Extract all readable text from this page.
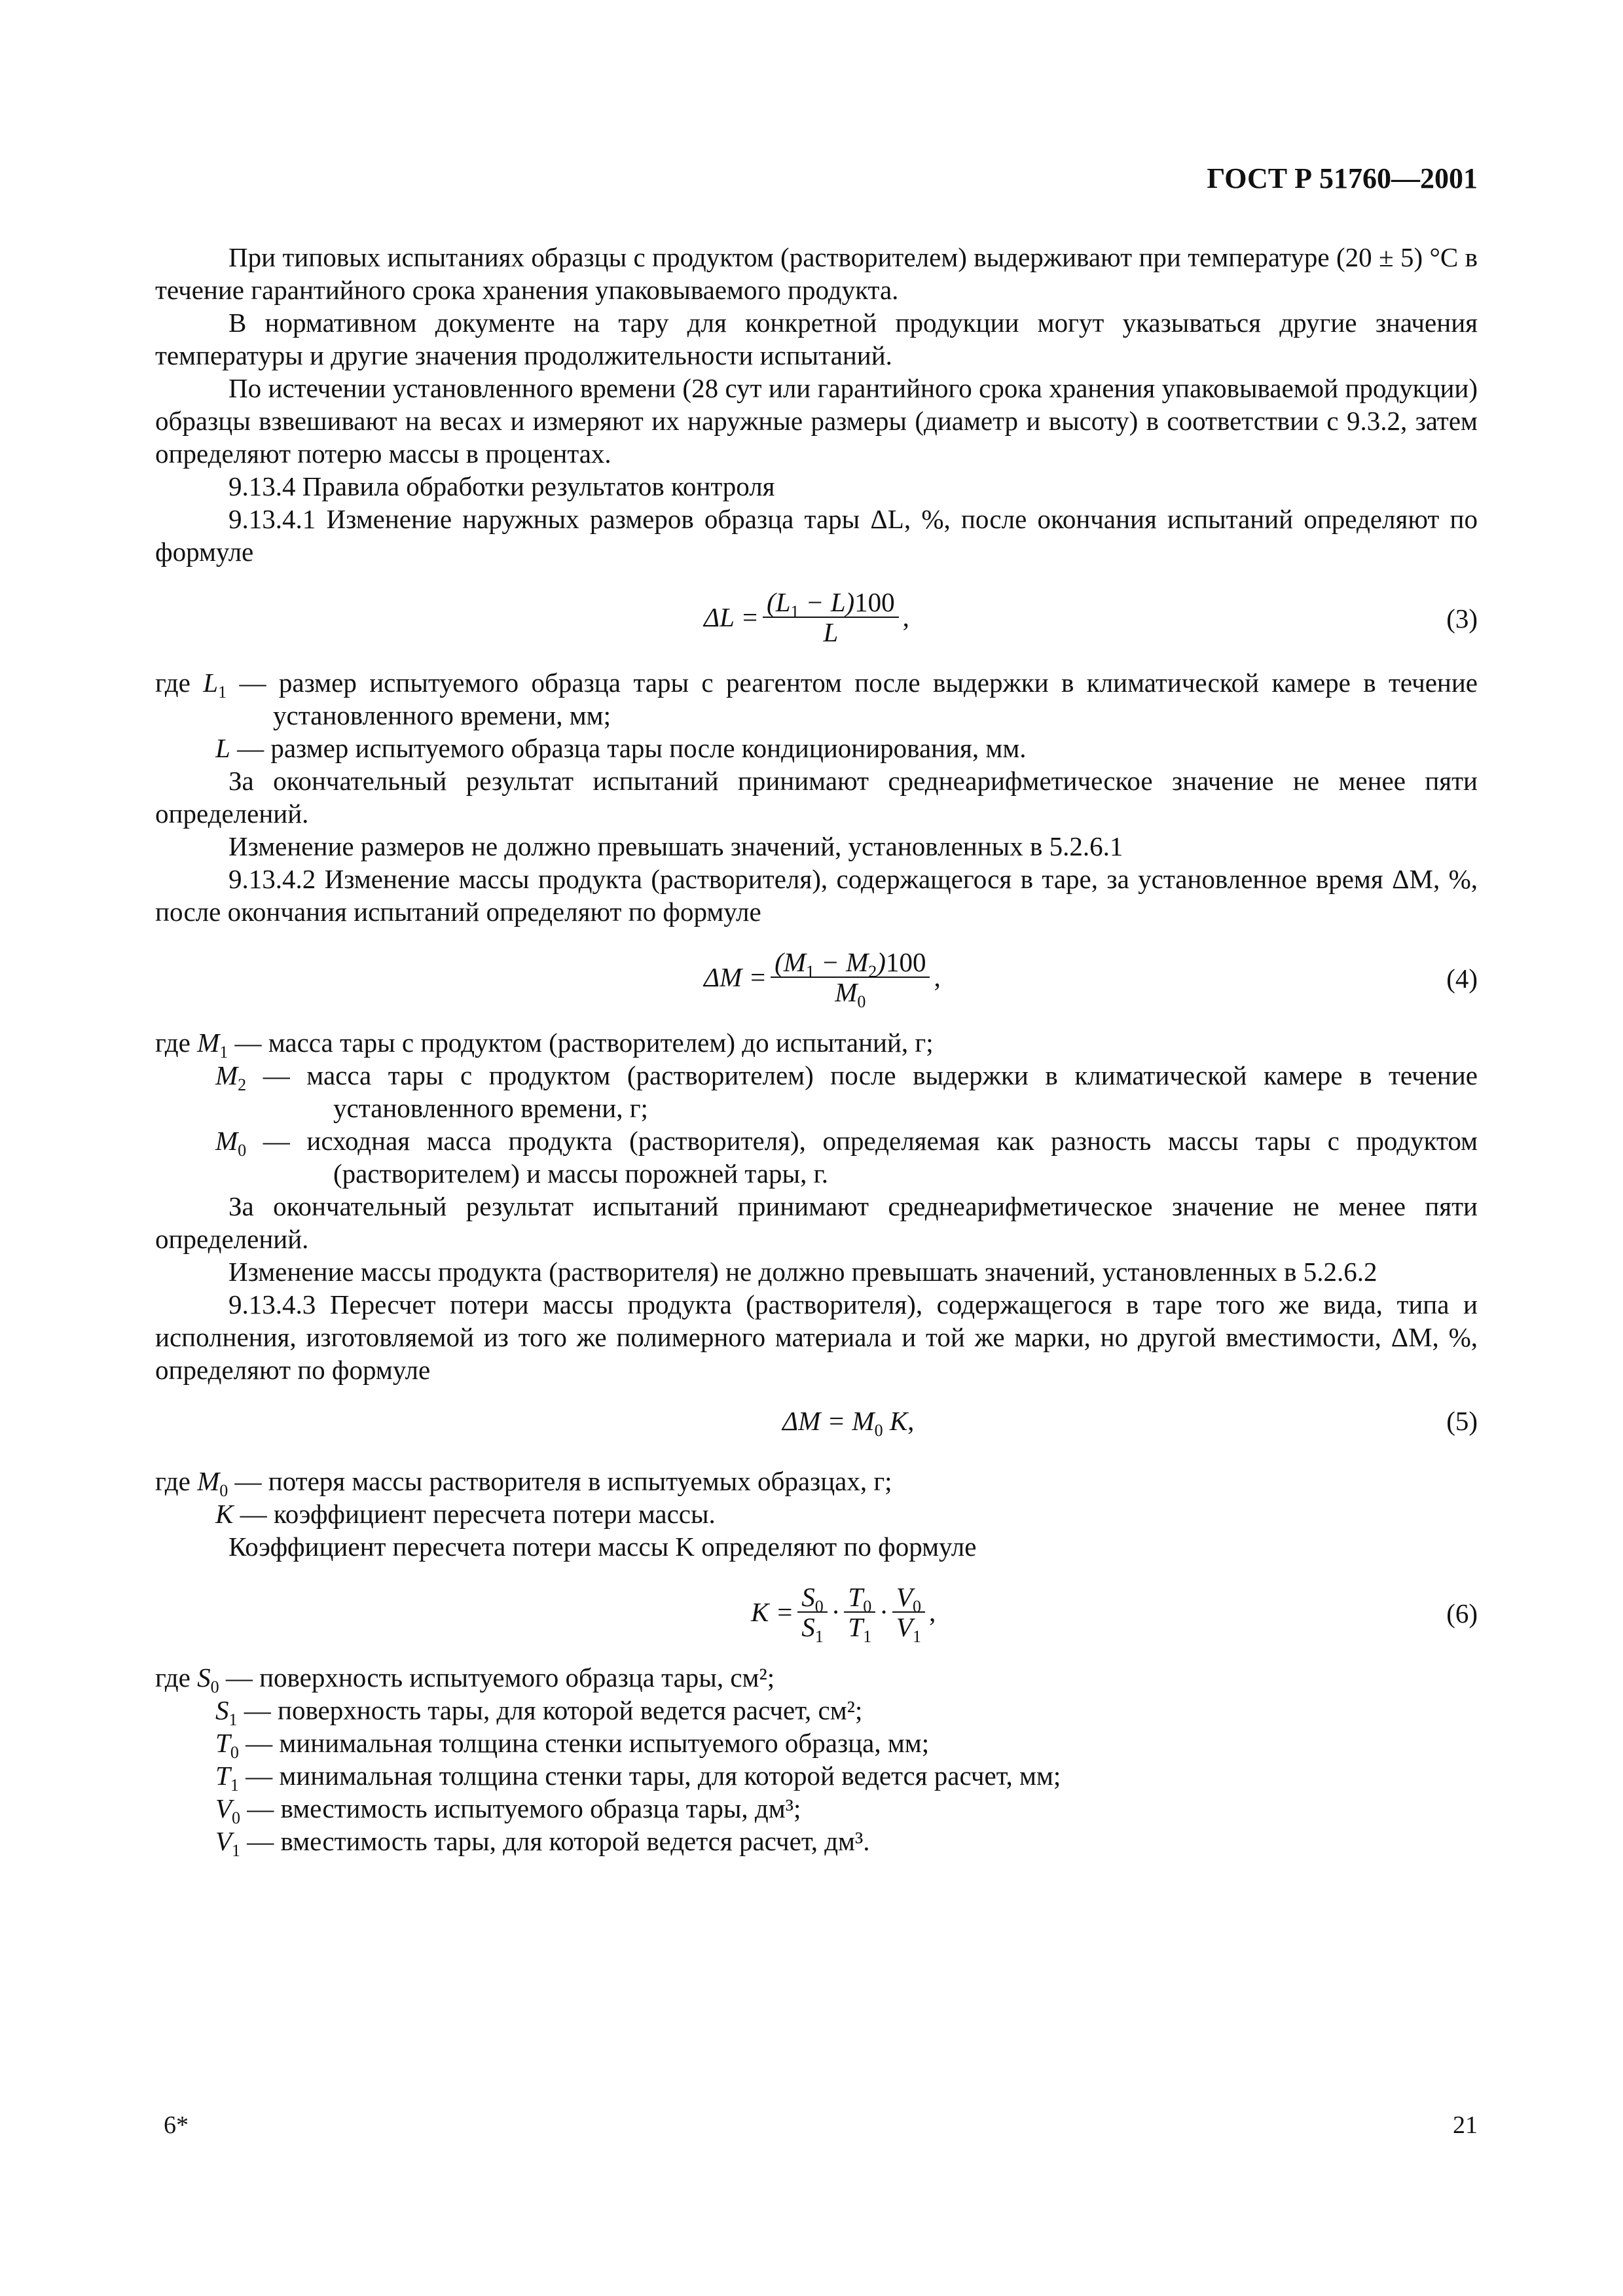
ГОСТ Р 51760—2001

При типовых испытаниях образцы с продуктом (растворителем) выдерживают при температуре (20 ± 5) °С в течение гарантийного срока хранения упаковываемого продукта.

В нормативном документе на тару для конкретной продукции могут указываться другие значения температуры и другие значения продолжительности испытаний.

По истечении установленного времени (28 сут или гарантийного срока хранения упаковываемой продукции) образцы взвешивают на весах и измеряют их наружные размеры (диаметр и высоту) в соответствии с 9.3.2, затем определяют потерю массы в процентах.

9.13.4 Правила обработки результатов контроля

9.13.4.1 Изменение наружных размеров образца тары ΔL, %, после окончания испытаний определяют по формуле

$\Delta L = \frac{(L_1 - L)100}{L}$ ,	(3)
где $L_1$ — размер испытуемого образца тары с реагентом после выдержки в климатической камере в течение установленного времени, мм;
L — размер испытуемого образца тары после кондиционирования, мм.

За окончательный результат испытаний принимают среднеарифметическое значение не менее пяти определений.

Изменение размеров не должно превышать значений, установленных в 5.2.6.1

9.13.4.2 Изменение массы продукта (растворителя), содержащегося в таре, за установленное время ΔM, %, после окончания испытаний определяют по формуле

$\Delta M = \frac{(M_1 - M_2)100}{M_0}$ ,	(4)
где $M_1$ — масса тары с продуктом (растворителем) до испытаний, г;
$M_2$ — масса тары с продуктом (растворителем) после выдержки в климатической камере в течение установленного времени, г;
$M_0$ — исходная масса продукта (растворителя), определяемая как разность массы тары с продуктом (растворителем) и массы порожней тары, г.

За окончательный результат испытаний принимают среднеарифметическое значение не менее пяти определений.

Изменение массы продукта (растворителя) не должно превышать значений, установленных в 5.2.6.2

9.13.4.3 Пересчет потери массы продукта (растворителя), содержащегося в таре того же вида, типа и исполнения, изготовляемой из того же полимерного материала и той же марки, но другой вместимости, ΔM, %, определяют по формуле

$\Delta M = M_0$ K,	(5)
где $M_0$ — потеря массы растворителя в испытуемых образцах, г;
K — коэффициент пересчета потери массы.

Коэффициент пересчета потери массы K определяют по формуле

$K = \frac{S_0}{S_1} \cdot \frac{T_0}{T_1} \cdot \frac{V_0}{V_1}$ ,	(6)
где $S_0$ — поверхность испытуемого образца тары, см²;
$S_1$ — поверхность тары, для которой ведется расчет, см²;
$T_0$ — минимальная толщина стенки испытуемого образца, мм;
$T_1$ — минимальная толщина стенки тары, для которой ведется расчет, мм;
$V_0$ — вместимость испытуемого образца тары, дм³;
$V_1$ — вместимость тары, для которой ведется расчет, дм³.
6*	21
